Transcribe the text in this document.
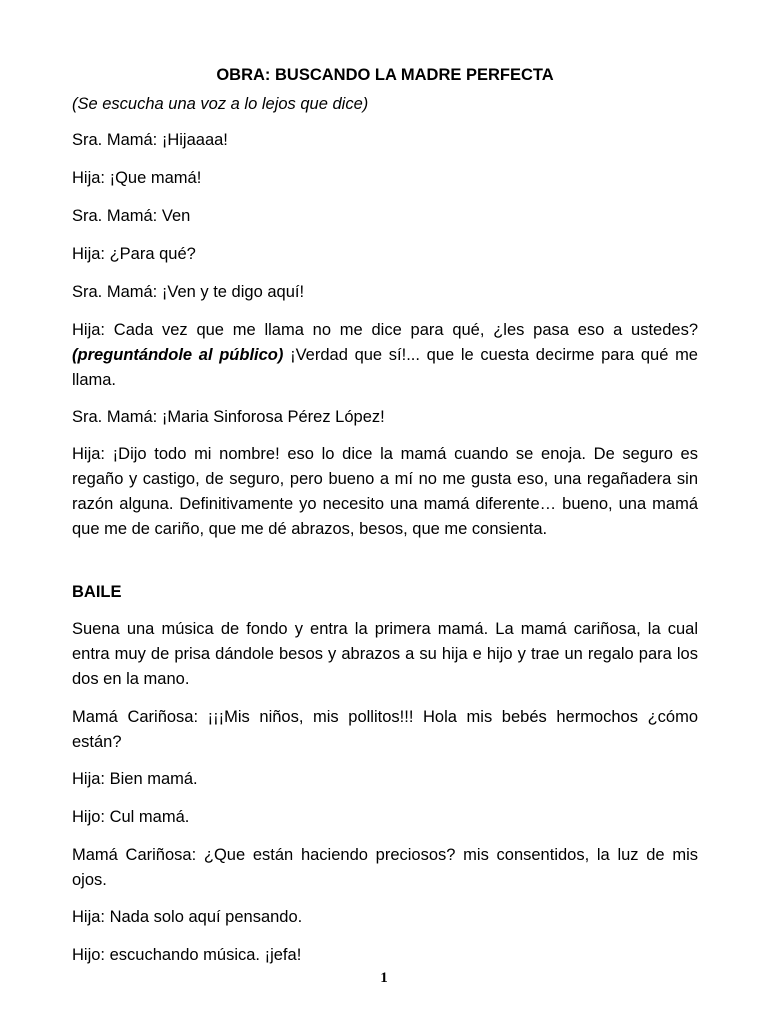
OBRA: BUSCANDO LA MADRE PERFECTA

(Se escucha una voz a lo lejos que dice)

Sra. Mamá: ¡Hijaaaa!

Hija: ¡Que mamá!

Sra. Mamá: Ven

Hija: ¿Para qué?

Sra. Mamá: ¡Ven y te digo aquí!

Hija: Cada vez que me llama no me dice para qué, ¿les pasa eso a ustedes? (preguntándole al público) ¡Verdad que sí!... que le cuesta decirme para qué me llama.

Sra. Mamá: ¡Maria Sinforosa Pérez López!

Hija: ¡Dijo todo mi nombre! eso lo dice la mamá cuando se enoja. De seguro es regaño y castigo, de seguro, pero bueno a mí no me gusta eso, una regañadera sin razón alguna. Definitivamente yo necesito una mamá diferente… bueno, una mamá que me de cariño, que me dé abrazos, besos, que me consienta.

BAILE

Suena una música de fondo y entra la primera mamá. La mamá cariñosa, la cual entra muy de prisa dándole besos y abrazos a su hija e hijo y trae un regalo para los dos en la mano.

Mamá Cariñosa: ¡¡¡Mis niños, mis pollitos!!! Hola mis bebés hermochos ¿cómo están?

Hija: Bien mamá.

Hijo: Cul mamá.

Mamá Cariñosa: ¿Que están haciendo preciosos? mis consentidos, la luz de mis ojos.

Hija: Nada solo aquí pensando.

Hijo: escuchando música. ¡jefa!

1
